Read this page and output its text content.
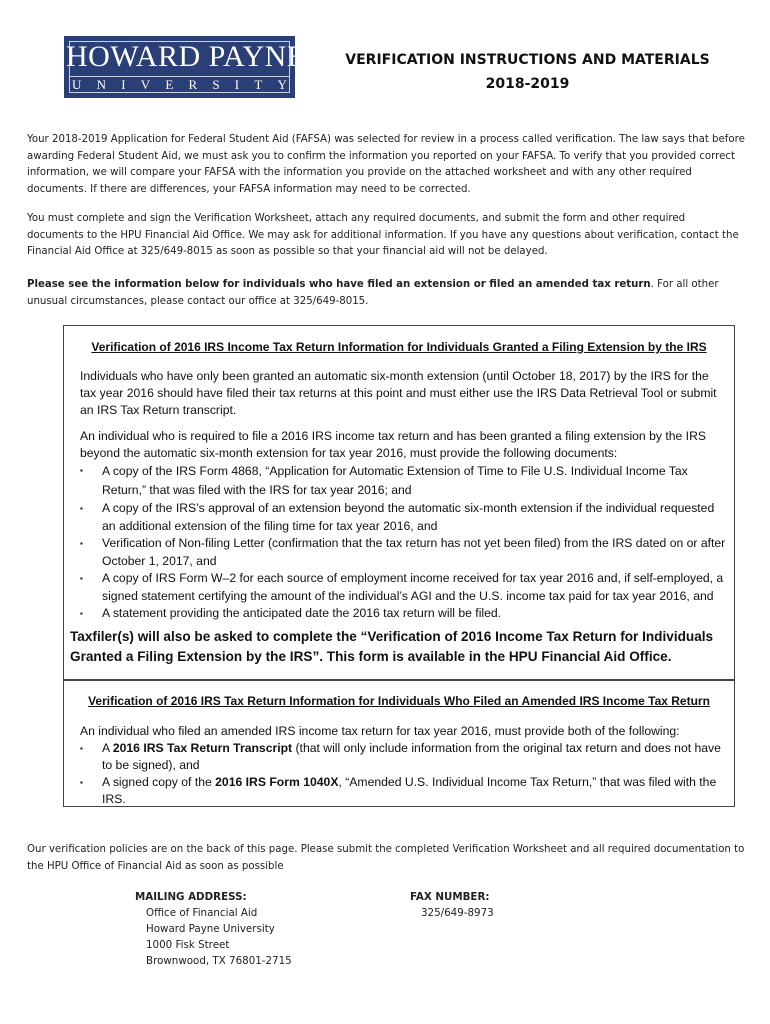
HOWARD PAYNE
U N I V E R S I T Y
VERIFICATION INSTRUCTIONS AND MATERIALS
2018-2019
Your 2018-2019 Application for Federal Student Aid (FAFSA) was selected for review in a process called verification. The law says that before awarding Federal Student Aid, we must ask you to confirm the information you reported on your FAFSA. To verify that you provided correct information, we will compare your FAFSA with the information you provide on the attached worksheet and with any other required documents. If there are differences, your FAFSA information may need to be corrected.
You must complete and sign the Verification Worksheet, attach any required documents, and submit the form and other required documents to the HPU Financial Aid Office. We may ask for additional information. If you have any questions about verification, contact the Financial Aid Office at 325/649-8015 as soon as possible so that your financial aid will not be delayed.
Please see the information below for individuals who have filed an extension or filed an amended tax return. For all other unusual circumstances, please contact our office at 325/649-8015.
Verification of 2016 IRS Income Tax Return Information for Individuals Granted a Filing Extension by the IRS
Individuals who have only been granted an automatic six-month extension (until October 18, 2017) by the IRS for the tax year 2016 should have filed their tax returns at this point and must either use the IRS Data Retrieval Tool or submit an IRS Tax Return transcript.
An individual who is required to file a 2016 IRS income tax return and has been granted a filing extension by the IRS beyond the automatic six-month extension for tax year 2016, must provide the following documents:
▪	A copy of the IRS Form 4868, “Application for Automatic Extension of Time to File U.S. Individual Income Tax Return,” that was filed with the IRS for tax year 2016; and
▪	A copy of the IRS’s approval of an extension beyond the automatic six-month extension if the individual requested an additional extension of the filing time for tax year 2016, and
▪	Verification of Non-filing Letter (confirmation that the tax return has not yet been filed) from the IRS dated on or after October 1, 2017, and
▪	A copy of IRS Form W–2 for each source of employment income received for tax year 2016 and, if self-employed, a signed statement certifying the amount of the individual’s AGI and the U.S. income tax paid for tax year 2016, and
▪	A statement providing the anticipated date the 2016 tax return will be filed.
Taxfiler(s) will also be asked to complete the “Verification of 2016 Income Tax Return for Individuals Granted a Filing Extension by the IRS”. This form is available in the HPU Financial Aid Office.
Verification of 2016 IRS Tax Return Information for Individuals Who Filed an Amended IRS Income Tax Return
An individual who filed an amended IRS income tax return for tax year 2016, must provide both of the following:
▪	A 2016 IRS Tax Return Transcript (that will only include information from the original tax return and does not have to be signed), and
▪	A signed copy of the 2016 IRS Form 1040X, “Amended U.S. Individual Income Tax Return,” that was filed with the IRS.
Our verification policies are on the back of this page. Please submit the completed Verification Worksheet and all required documentation to the HPU Office of Financial Aid as soon as possible
MAILING ADDRESS:
Office of Financial Aid
Howard Payne University
1000 Fisk Street
Brownwood, TX 76801-2715
FAX NUMBER:
325/649-8973
